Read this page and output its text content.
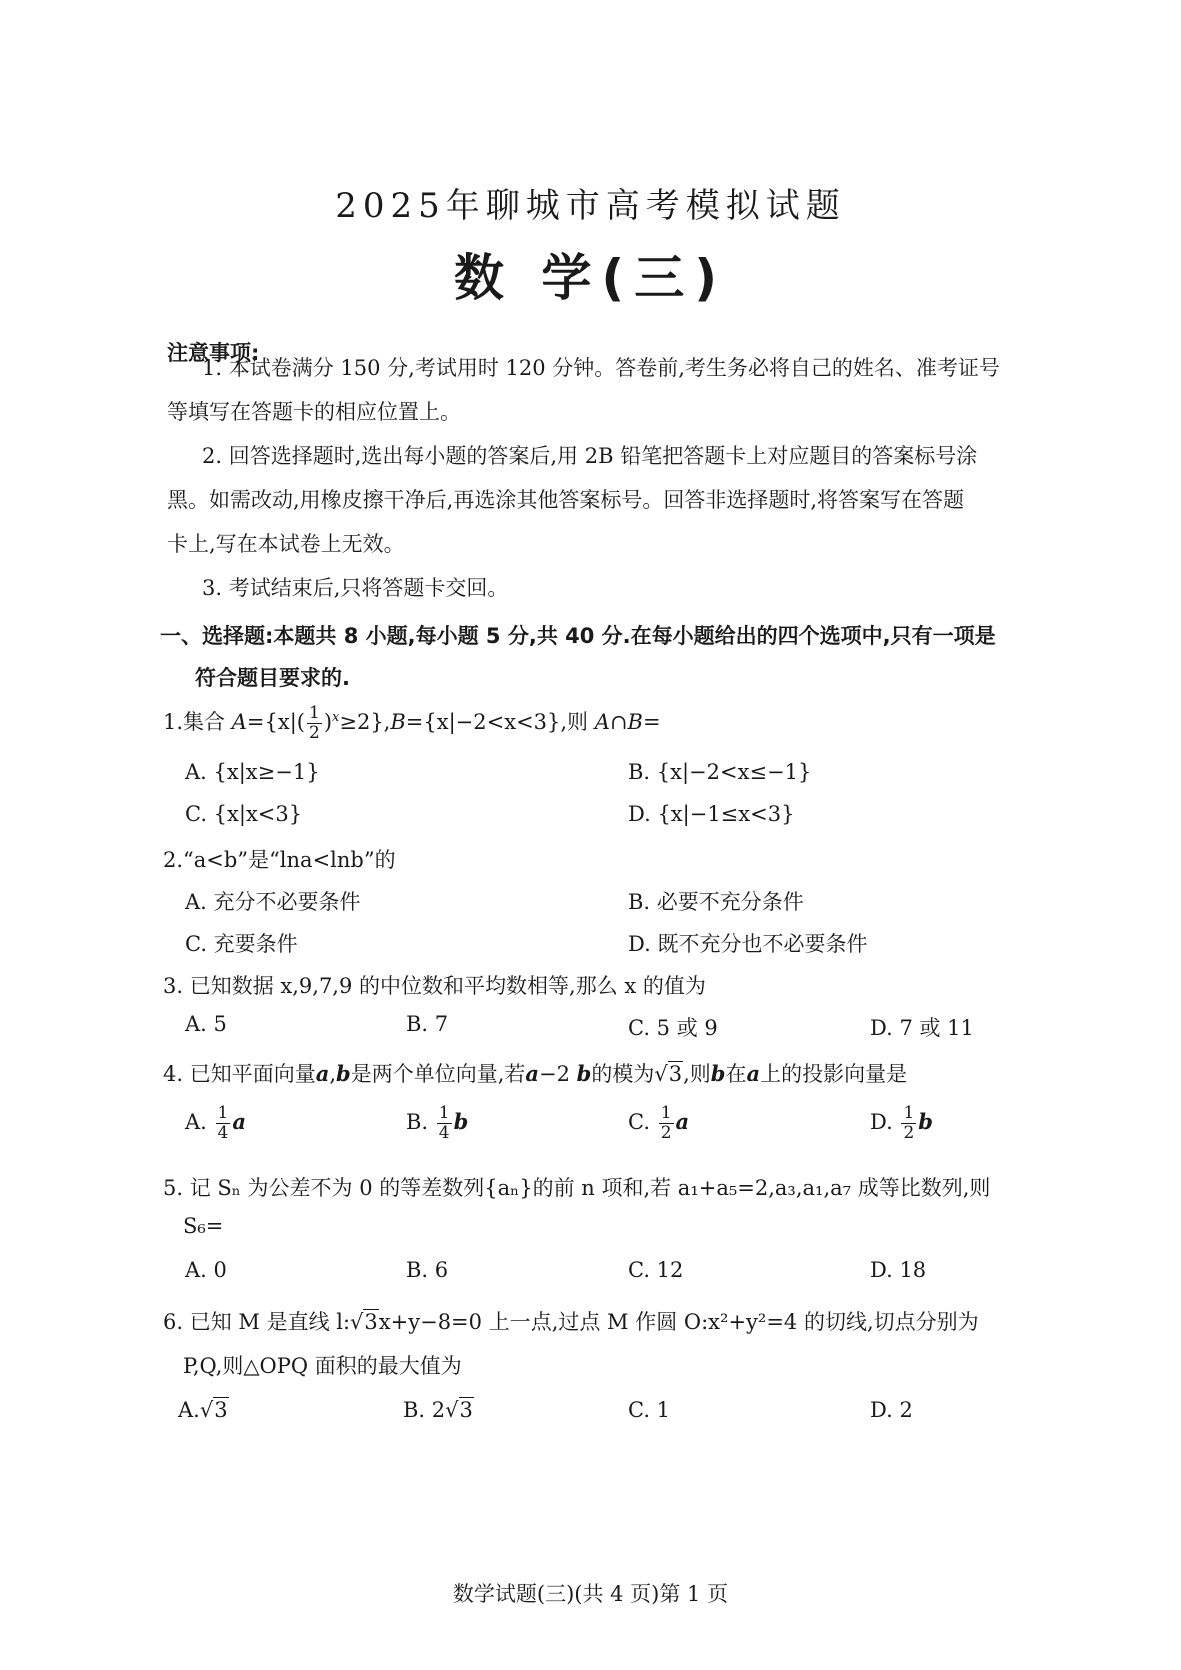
2025年聊城市高考模拟试题
数 学(三)
注意事项:
1. 本试卷满分 150 分,考试用时 120 分钟。答卷前,考生务必将自己的姓名、准考证号
等填写在答题卡的相应位置上。
2. 回答选择题时,选出每小题的答案后,用 2B 铅笔把答题卡上对应题目的答案标号涂
黑。如需改动,用橡皮擦干净后,再选涂其他答案标号。回答非选择题时,将答案写在答题
卡上,写在本试卷上无效。
3. 考试结束后,只将答题卡交回。
一、选择题:本题共 8 小题,每小题 5 分,共 40 分.在每小题给出的四个选项中,只有一项是
符合题目要求的.
1.集合 $A=\{x|( \frac{1}{2} )^x\ge 2\},B=\{x|-2<x<3\}$,则 A∩B=
A. {x|x≥−1}	B. {x|−2<x≤−1}
C. {x|x<3}	D. {x|−1≤x<3}
2.“a<b”是“lna<lnb”的
A. 充分不必要条件	B. 必要不充分条件
C. 充要条件	D. 既不充分也不必要条件
3. 已知数据 x,9,7,9 的中位数和平均数相等,那么 x 的值为
A. 5	B. 7	C. 5 或 9	D. 7 或 11
4. 已知平面向量a,b是两个单位向量,若a−2 b的模为√3,则b在a上的投影向量是
A. $\frac{1}{4}$ a	B. $\frac{1}{4}$ b	C. $\frac{1}{2}$ a	D. $\frac{1}{2}$ b
5. 记 Sₙ 为公差不为 0 的等差数列{aₙ}的前 n 项和,若 a₁+a₅=2,a₃,a₁,a₇ 成等比数列,则
S₆=
A. 0	B. 6	C. 12	D. 18
6. 已知 M 是直线 l:√3x+y−8=0 上一点,过点 M 作圆 O:x²+y²=4 的切线,切点分别为
P,Q,则△OPQ 面积的最大值为
A.√3	B. 2√3	C. 1	D. 2
数学试题(三)(共 4 页)第 1 页
